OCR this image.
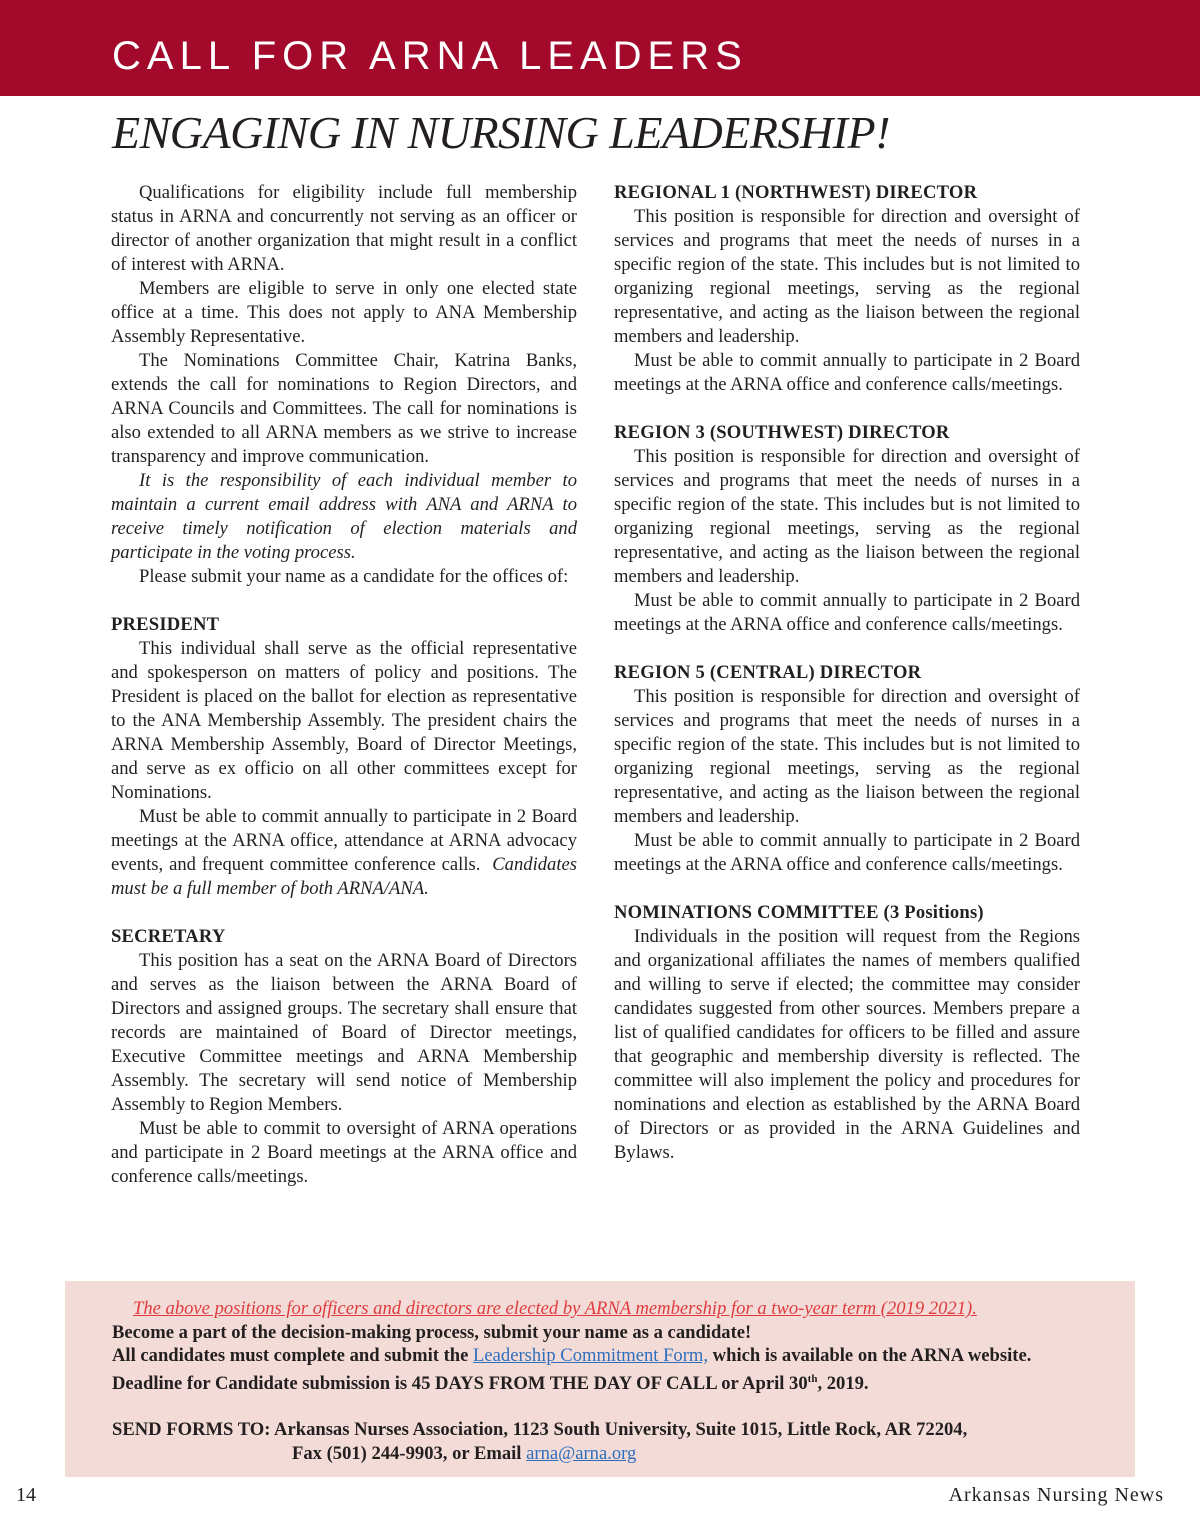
CALL FOR ARNA LEADERS
ENGAGING IN NURSING LEADERSHIP!

Qualifications for eligibility include full membership status in ARNA and concurrently not serving as an officer or director of another organization that might result in a conflict of interest with ARNA.

Members are eligible to serve in only one elected state office at a time. This does not apply to ANA Membership Assembly Representative.

The Nominations Committee Chair, Katrina Banks, extends the call for nominations to Region Directors, and ARNA Councils and Committees. The call for nominations is also extended to all ARNA members as we strive to increase transparency and improve communication.

It is the responsibility of each individual member to maintain a current email address with ANA and ARNA to receive timely notification of election materials and participate in the voting process.

Please submit your name as a candidate for the offices of:

PRESIDENT

This individual shall serve as the official representative and spokesperson on matters of policy and positions. The President is placed on the ballot for election as representative to the ANA Membership Assembly. The president chairs the ARNA Membership Assembly, Board of Director Meetings, and serve as ex officio on all other committees except for Nominations.

Must be able to commit annually to participate in 2 Board meetings at the ARNA office, attendance at ARNA advocacy events, and frequent committee conference calls. Candidates must be a full member of both ARNA/ANA.

SECRETARY

This position has a seat on the ARNA Board of Directors and serves as the liaison between the ARNA Board of Directors and assigned groups. The secretary shall ensure that records are maintained of Board of Director meetings, Executive Committee meetings and ARNA Membership Assembly. The secretary will send notice of Membership Assembly to Region Members.

Must be able to commit to oversight of ARNA operations and participate in 2 Board meetings at the ARNA office and conference calls/meetings.

REGIONAL 1 (NORTHWEST) DIRECTOR

This position is responsible for direction and oversight of services and programs that meet the needs of nurses in a specific region of the state. This includes but is not limited to organizing regional meetings, serving as the regional representative, and acting as the liaison between the regional members and leadership.

Must be able to commit annually to participate in 2 Board meetings at the ARNA office and conference calls/meetings.

REGION 3 (SOUTHWEST) DIRECTOR

This position is responsible for direction and oversight of services and programs that meet the needs of nurses in a specific region of the state. This includes but is not limited to organizing regional meetings, serving as the regional representative, and acting as the liaison between the regional members and leadership.

Must be able to commit annually to participate in 2 Board meetings at the ARNA office and conference calls/meetings.

REGION 5 (CENTRAL) DIRECTOR

This position is responsible for direction and oversight of services and programs that meet the needs of nurses in a specific region of the state. This includes but is not limited to organizing regional meetings, serving as the regional representative, and acting as the liaison between the regional members and leadership.

Must be able to commit annually to participate in 2 Board meetings at the ARNA office and conference calls/meetings.

NOMINATIONS COMMITTEE (3 Positions)

Individuals in the position will request from the Regions and organizational affiliates the names of members qualified and willing to serve if elected; the committee may consider candidates suggested from other sources. Members prepare a list of qualified candidates for officers to be filled and assure that geographic and membership diversity is reflected. The committee will also implement the policy and procedures for nominations and election as established by the ARNA Board of Directors or as provided in the ARNA Guidelines and Bylaws.

The above positions for officers and directors are elected by ARNA membership for a two-year term (2019 2021).
Become a part of the decision-making process, submit your name as a candidate!
All candidates must complete and submit the Leadership Commitment Form, which is available on the ARNA website.
Deadline for Candidate submission is 45 DAYS FROM THE DAY OF CALL or April 30th, 2019.
SEND FORMS TO: Arkansas Nurses Association, 1123 South University, Suite 1015, Little Rock, AR 72204,
Fax (501) 244-9903, or Email arna@arna.org
14	Arkansas Nursing News
